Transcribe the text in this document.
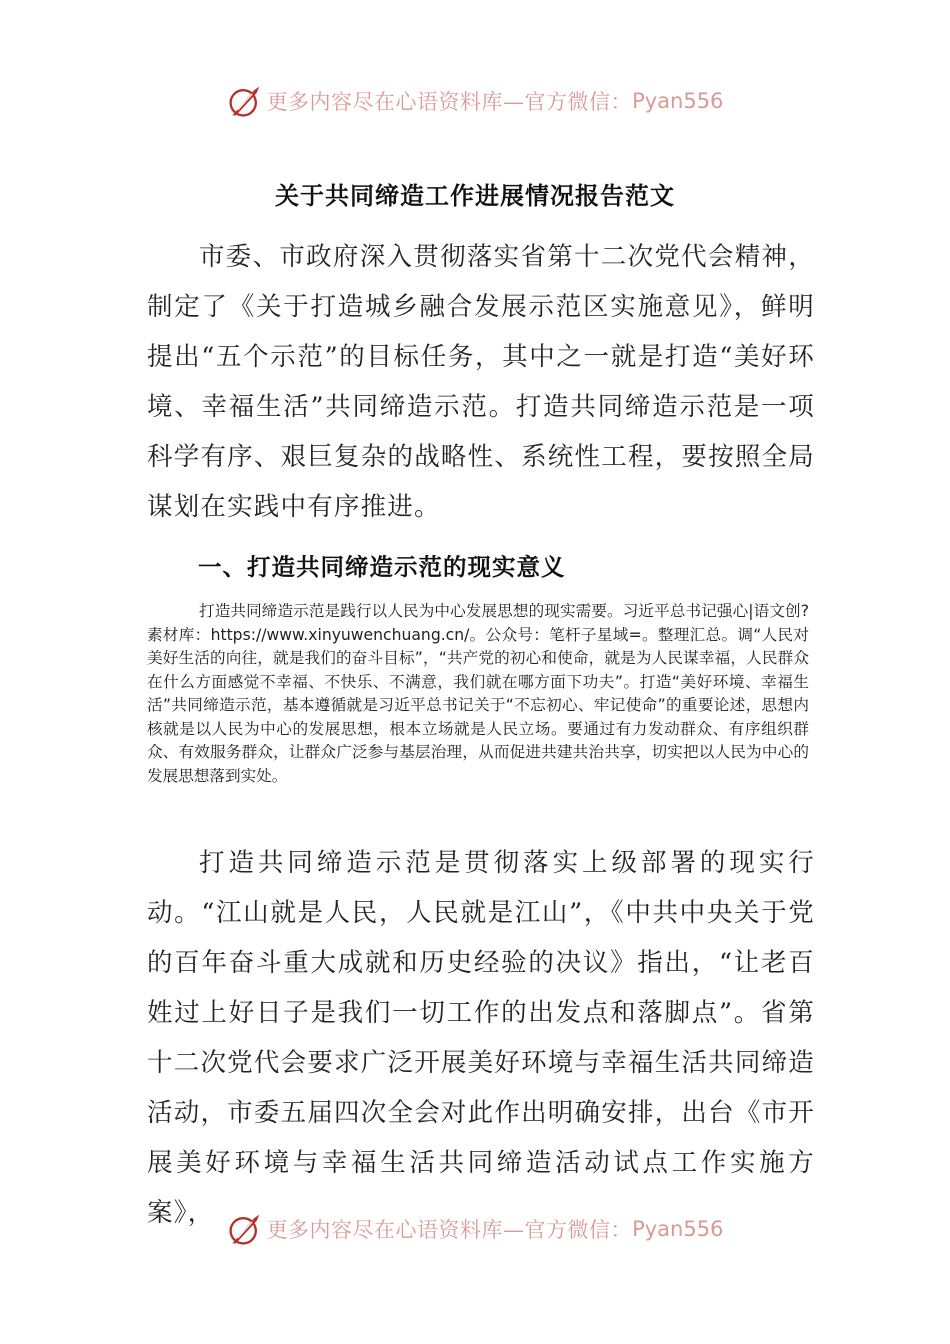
更多内容尽在心语资料库—官方微信： Pyan556
关于共同缔造工作进展情况报告范文

市委、市政府深入贯彻落实省第十二次党代会精神，制定了《关于打造城乡融合发展示范区实施意见》，鲜明提出“五个示范”的目标任务，其中之一就是打造“美好环境、幸福生活”共同缔造示范。打造共同缔造示范是一项科学有序、艰巨复杂的战略性、系统性工程，要按照全局谋划在实践中有序推进。

一、打造共同缔造示范的现实意义

打造共同缔造示范是践行以人民为中心发展思想的现实需要。习近平总书记强心|语文创?素材库：https://www.xinyuwenchuang.cn/。公众号：笔杆子星域=。整理汇总。调“人民对美好生活的向往，就是我们的奋斗目标”，“共产党的初心和使命，就是为人民谋幸福，人民群众在什么方面感觉不幸福、不快乐、不满意，我们就在哪方面下功夫”。打造“美好环境、幸福生活”共同缔造示范，基本遵循就是习近平总书记关于“不忘初心、牢记使命”的重要论述，思想内核就是以人民为中心的发展思想，根本立场就是人民立场。要通过有力发动群众、有序组织群众、有效服务群众，让群众广泛参与基层治理，从而促进共建共治共享，切实把以人民为中心的发展思想落到实处。

打造共同缔造示范是贯彻落实上级部署的现实行动。“江山就是人民，人民就是江山”，《中共中央关于党的百年奋斗重大成就和历史经验的决议》指出，“让老百姓过上好日子是我们一切工作的出发点和落脚点”。省第十二次党代会要求广泛开展美好环境与幸福生活共同缔造活动，市委五届四次全会对此作出明确安排，出台《市开展美好环境与幸福生活共同缔造活动试点工作实施方案》，

更多内容尽在心语资料库—官方微信： Pyan556
